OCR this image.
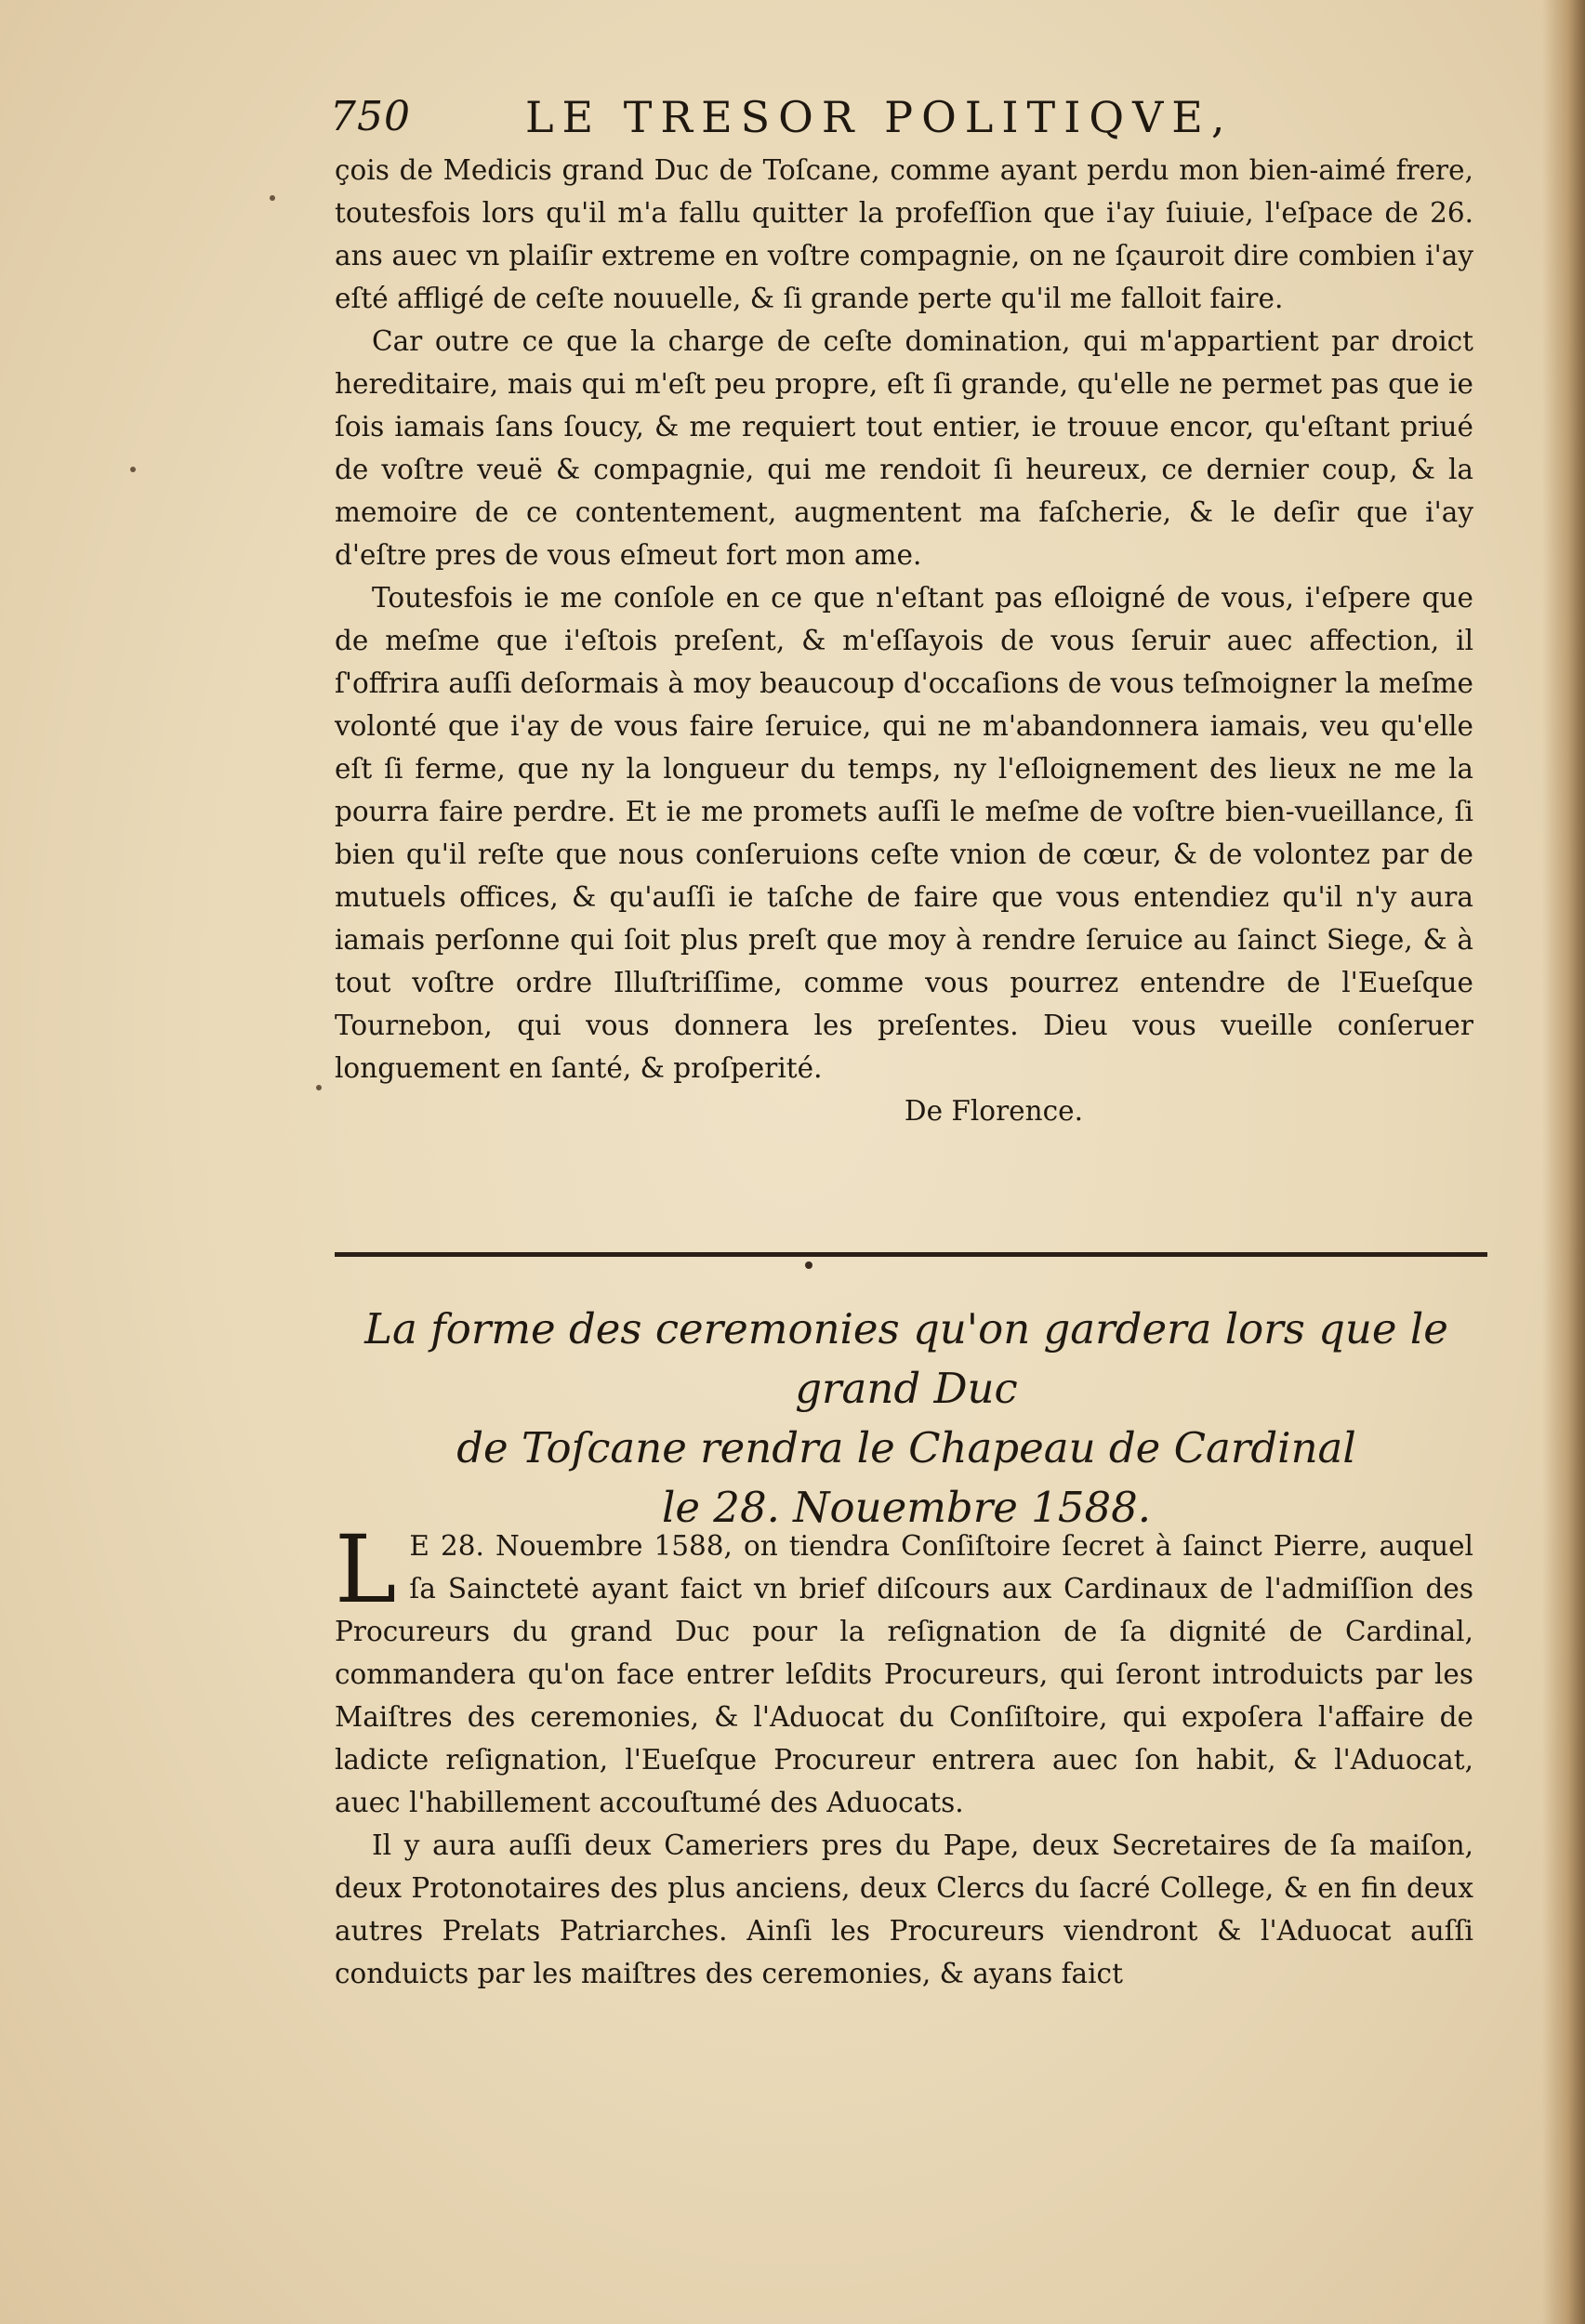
750	LE TRESOR POLITIQVE,

çois de Medicis grand Duc de Toſcane, comme ayant perdu mon bien-aimé frere, toutesfois lors qu'il m'a fallu quitter la profeſſion que i'ay ſuiuie, l'eſpace de 26. ans auec vn plaiſir extreme en voſtre compagnie, on ne ſçauroit dire combien i'ay eſté affligé de ceſte nouuelle, & ſi grande perte qu'il me falloit faire.

Car outre ce que la charge de ceſte domination, qui m'appartient par droict hereditaire, mais qui m'eſt peu propre, eſt ſi grande, qu'elle ne permet pas que ie ſois iamais ſans ſoucy, & me requiert tout entier, ie trouue encor, qu'eſtant priué de voſtre veuë & compagnie, qui me rendoit ſi heureux, ce dernier coup, & la memoire de ce contentement, augmentent ma faſcherie, & le deſir que i'ay d'eſtre pres de vous eſmeut fort mon ame.

Toutesfois ie me conſole en ce que n'eſtant pas eſloigné de vous, i'eſpere que de meſme que i'eſtois preſent, & m'eſſayois de vous ſeruir auec affection, il ſ'offrira auſſi deſormais à moy beaucoup d'occaſions de vous teſmoigner la meſme volonté que i'ay de vous faire ſeruice, qui ne m'abandonnera iamais, veu qu'elle eſt ſi ferme, que ny la longueur du temps, ny l'eſloignement des lieux ne me la pourra faire perdre. Et ie me promets auſſi le meſme de voſtre bien-vueillance, ſi bien qu'il reſte que nous conſeruions ceſte vnion de cœur, & de volontez par de mutuels offices, & qu'auſſi ie taſche de faire que vous entendiez qu'il n'y aura iamais perſonne qui ſoit plus preſt que moy à rendre ſeruice au ſainct Siege, & à tout voſtre ordre Illuſtriſſime, comme vous pourrez entendre de l'Eueſque Tournebon, qui vous donnera les preſentes. Dieu vous vueille conſeruer longuement en ſanté, & proſperité.

De Florence.
La forme des ceremonies qu'on gardera lors que le grand Duc
de Toſcane rendra le Chapeau de Cardinal
le 28. Nouembre 1588.

L E 28. Nouembre 1588, on tiendra Conſiſtoire ſecret à ſainct Pierre, auquel ſa Sainctetė ayant faict vn brief diſcours aux Cardinaux de l'admiſſion des Procureurs du grand Duc pour la reſignation de ſa dignité de Cardinal, commandera qu'on face entrer leſdits Procureurs, qui ſeront introduicts par les Maiſtres des ceremonies, & l'Aduocat du Conſiſtoire, qui expoſera l'affaire de ladicte reſignation, l'Eueſque Procureur entrera auec ſon habit, & l'Aduocat, auec l'habillement accouſtumé des Aduocats.

Il y aura auſſi deux Cameriers pres du Pape, deux Secretaires de ſa maiſon, deux Protonotaires des plus anciens, deux Clercs du ſacré College, & en fin deux autres Prelats Patriarches. Ainſi les Procureurs viendront & l'Aduocat auſſi conduicts par les maiſtres des ceremonies, & ayans faict
